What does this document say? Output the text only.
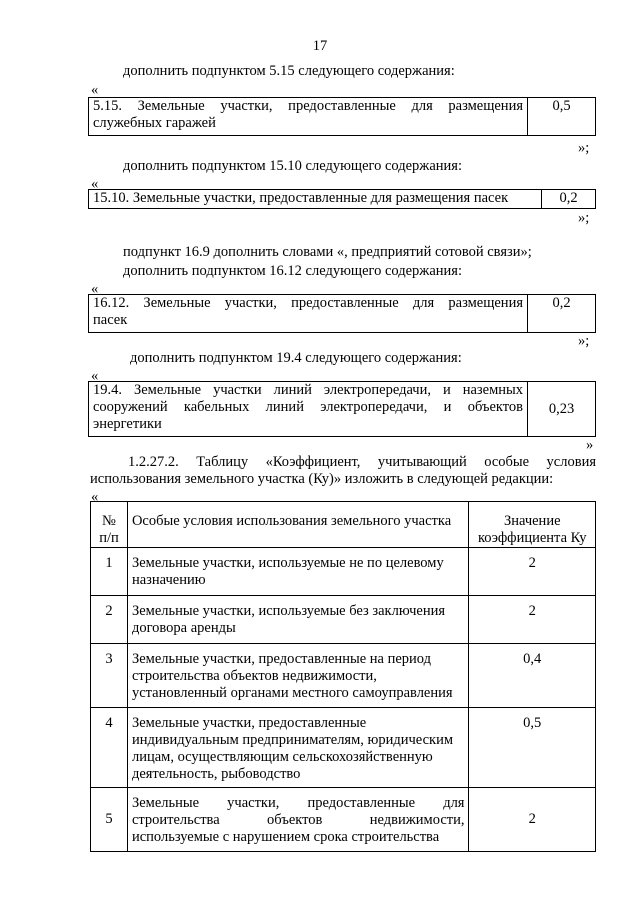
17
дополнить подпунктом 5.15 следующего содержания:
«
5.15. Земельные участки, предоставленные для размещения
служебных гаражей
	0,5
»;
дополнить подпунктом 15.10 следующего содержания:
«
15.10. Земельные участки, предоставленные для размещения пасек	0,2
»;
подпункт 16.9 дополнить словами «, предприятий сотовой связи»;
дополнить подпунктом 16.12 следующего содержания:
«
16.12. Земельные участки, предоставленные для размещения
пасек
	0,2
»;
дополнить подпунктом 19.4 следующего содержания:
«
19.4. Земельные участки линий электропередачи, и наземных
сооружений кабельных линий электропередачи, и объектов
энергетики
	0,23
»
1.2.27.2. Таблицу «Коэффициент, учитывающий особые условия
использования земельного участка (Ку)» изложить в следующей редакции:
«
№ п/п	Особые условия использования земельного участка	Значение коэффициента Ку
1	Земельные участки, используемые не по целевому назначению	2
2	Земельные участки, используемые без заключения договора аренды	2
3	Земельные участки, предоставленные на период строительства объектов недвижимости, установленный органами местного самоуправления	0,4
4	Земельные участки, предоставленные индивидуальным предпринимателям, юридическим лицам, осуществляющим сельскохозяйственную деятельность, рыбоводство	0,5
5	Земельные участки, предоставленные для строительства объектов недвижимости, используемые с нарушением срока строительства	2
